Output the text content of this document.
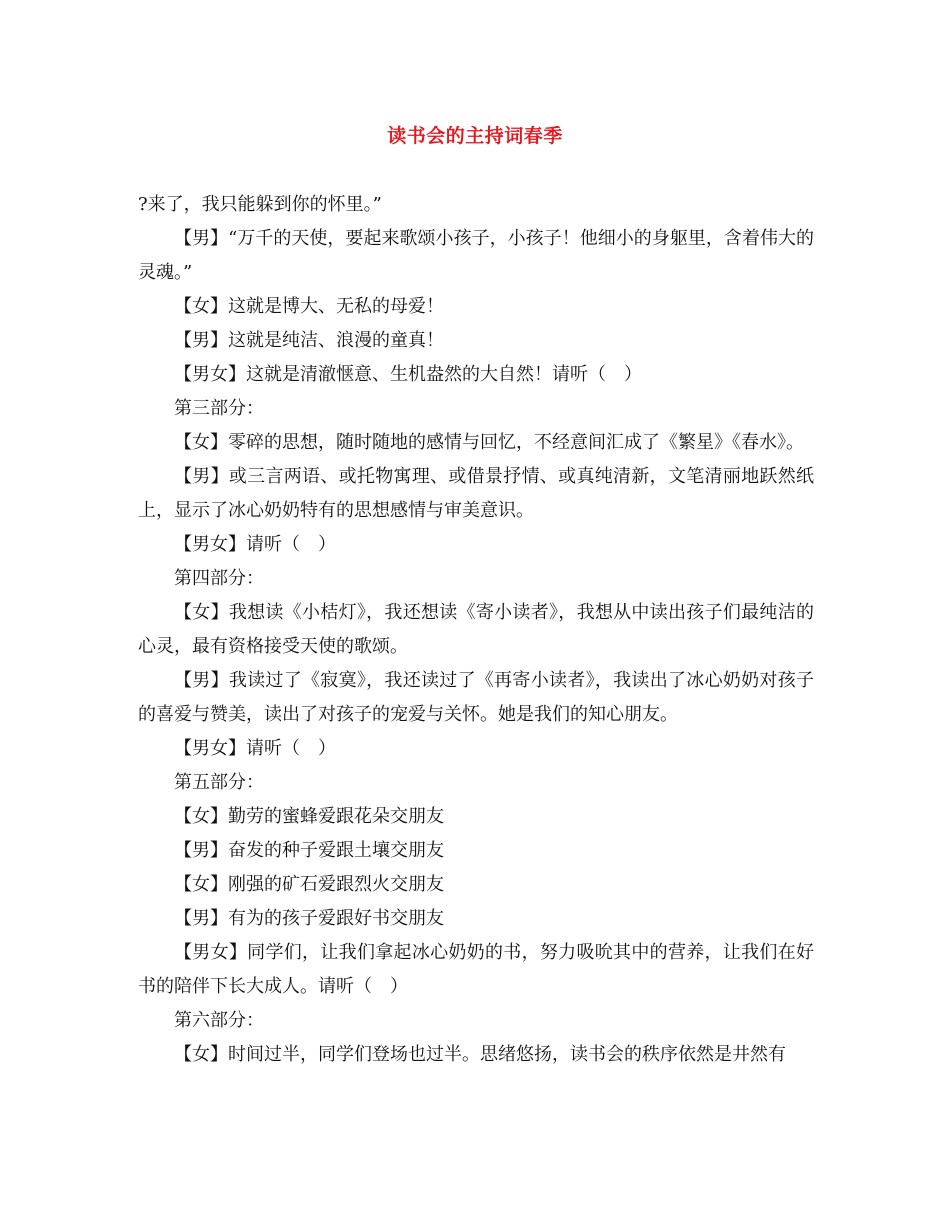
读书会的主持词春季

?来了，我只能躲到你的怀里。”

【男】“万千的天使，要起来歌颂小孩子，小孩子！他细小的身躯里，含着伟大的灵魂。”

【女】这就是博大、无私的母爱！

【男】这就是纯洁、浪漫的童真！

【男女】这就是清澈惬意、生机盎然的大自然！请听（　）

第三部分：

【女】零碎的思想，随时随地的感情与回忆，不经意间汇成了《繁星》《春水》。

【男】或三言两语、或托物寓理、或借景抒情、或真纯清新，文笔清丽地跃然纸上，显示了冰心奶奶特有的思想感情与审美意识。

【男女】请听（　）

第四部分：

【女】我想读《小桔灯》，我还想读《寄小读者》，我想从中读出孩子们最纯洁的心灵，最有资格接受天使的歌颂。

【男】我读过了《寂寞》，我还读过了《再寄小读者》，我读出了冰心奶奶对孩子的喜爱与赞美，读出了对孩子的宠爱与关怀。她是我们的知心朋友。

【男女】请听（　）

第五部分：

【女】勤劳的蜜蜂爱跟花朵交朋友

【男】奋发的种子爱跟土壤交朋友

【女】刚强的矿石爱跟烈火交朋友

【男】有为的孩子爱跟好书交朋友

【男女】同学们，让我们拿起冰心奶奶的书，努力吸吮其中的营养，让我们在好书的陪伴下长大成人。请听（　）

第六部分：

【女】时间过半，同学们登场也过半。思绪悠扬，读书会的秩序依然是井然有
